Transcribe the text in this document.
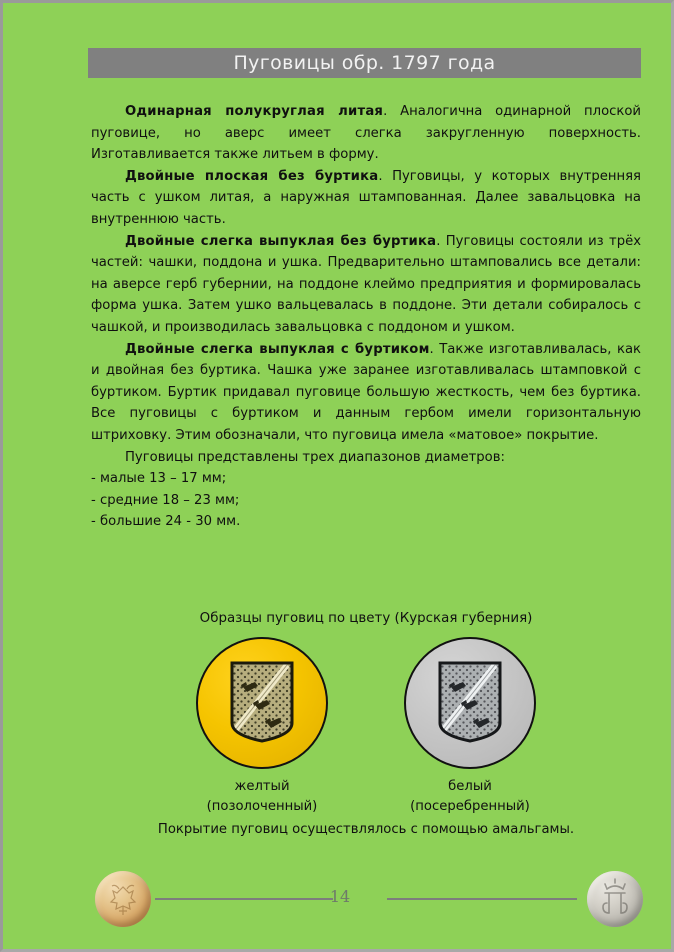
Пуговицы обр. 1797 года

Одинарная полукруглая литая. Аналогична одинарной плоской пуговице, но аверс имеет слегка закругленную поверхность. Изготавливается также литьем в форму.

Двойные плоская без буртика. Пуговицы, у которых внутренняя часть с ушком литая, а наружная штампованная. Далее завальцовка на внутреннюю часть.

Двойные слегка выпуклая без буртика. Пуговицы состояли из трёх частей: чашки, поддона и ушка. Предварительно штамповались все детали: на аверсе герб губернии, на поддоне клеймо предприятия и формировалась форма ушка. Затем ушко вальцевалась в поддоне. Эти детали собиралось с чашкой, и производилась завальцовка с поддоном и ушком.

Двойные слегка выпуклая с буртиком. Также изготавливалась, как и двойная без буртика. Чашка уже заранее изготавливалась штамповкой с буртиком. Буртик придавал пуговице большую жесткость, чем без буртика. Все пуговицы с буртиком и данным гербом имели горизонтальную штриховку. Этим обозначали, что пуговица имела «матовое» покрытие.

Пуговицы представлены трех диапазонов диаметров:

- малые 13 – 17 мм;

- средние 18 – 23 мм;

- большие 24 - 30 мм.

Образцы пуговиц по цвету (Курская губерния)
желтый
(позолоченный)
белый
(посеребренный)
Покрытие пуговиц осуществлялось с помощью амальгамы.
14
